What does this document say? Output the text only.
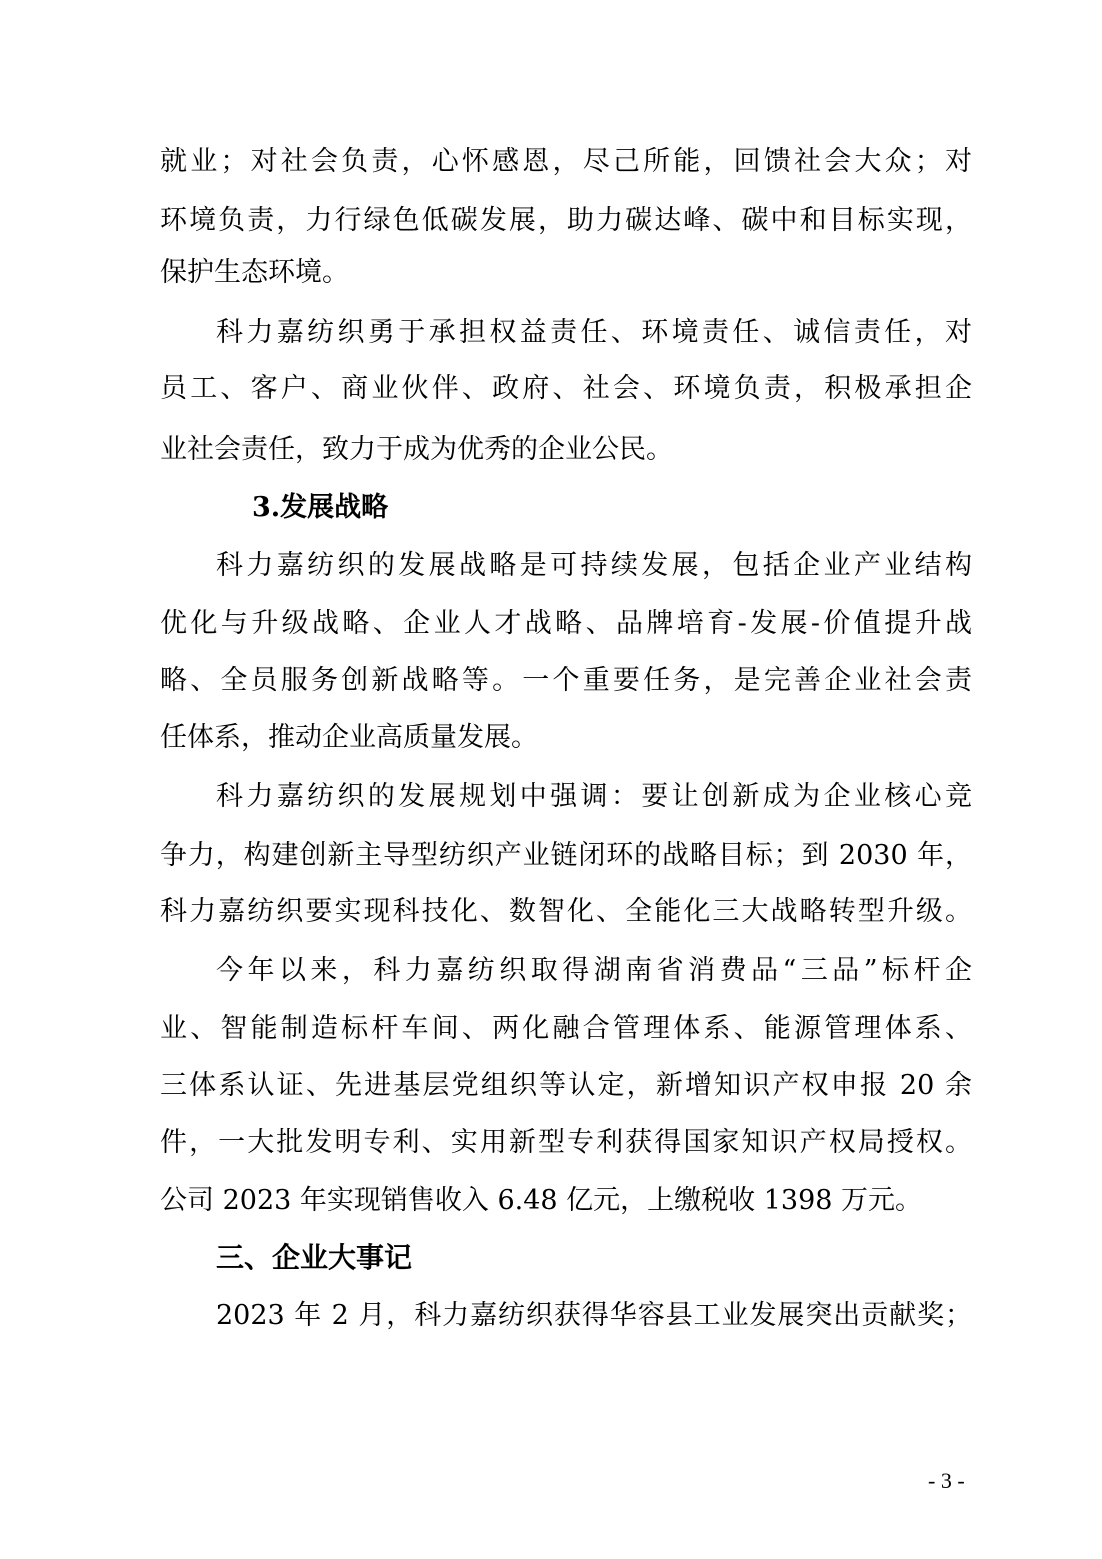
就业；对社会负责，心怀感恩，尽己所能，回馈社会大众；对
环境负责，力行绿色低碳发展，助力碳达峰、碳中和目标实现，
保护生态环境。
科力嘉纺织勇于承担权益责任、环境责任、诚信责任，对
员工、客户、商业伙伴、政府、社会、环境负责，积极承担企
业社会责任，致力于成为优秀的企业公民。
3.发展战略
科力嘉纺织的发展战略是可持续发展，包括企业产业结构
优化与升级战略、企业人才战略、品牌培育-发展-价值提升战
略、全员服务创新战略等。一个重要任务，是完善企业社会责
任体系，推动企业高质量发展。
科力嘉纺织的发展规划中强调：要让创新成为企业核心竞
争力，构建创新主导型纺织产业链闭环的战略目标；到 2030 年，
科力嘉纺织要实现科技化、数智化、全能化三大战略转型升级。
今年以来，科力嘉纺织取得湖南省消费品“三品”标杆企
业、智能制造标杆车间、两化融合管理体系、能源管理体系、
三体系认证、先进基层党组织等认定，新增知识产权申报 20 余
件，一大批发明专利、实用新型专利获得国家知识产权局授权。
公司 2023 年实现销售收入 6.48 亿元，上缴税收 1398 万元。
三、企业大事记
2023 年 2 月，科力嘉纺织获得华容县工业发展突出贡献奖；
- 3 -
